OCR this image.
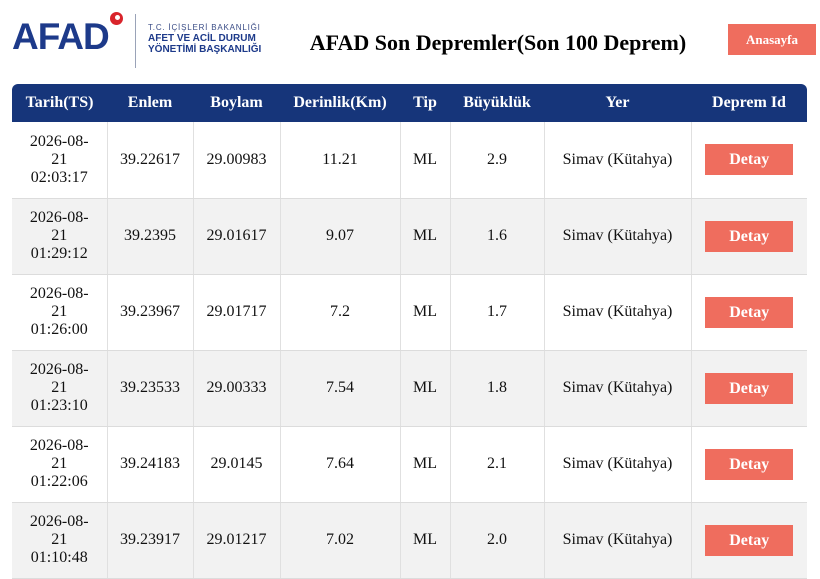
AFAD	T.C. İÇİŞLERİ BAKANLIĞI
AFET VE ACİL DURUM
YÖNETİMİ BAŞKANLIĞI	AFAD Son Depremler(Son 100 Deprem)	Anasayfa
Tarih(TS)	Enlem	Boylam	Derinlik(Km)	Tip	Büyüklük	Yer	Deprem Id

2026-08-
21
02:03:17	39.22617	29.00983	11.21	ML	2.9	Simav (Kütahya)	Detay

2026-08-
21
01:29:12	39.2395	29.01617	9.07	ML	1.6	Simav (Kütahya)	Detay

2026-08-
21
01:26:00	39.23967	29.01717	7.2	ML	1.7	Simav (Kütahya)	Detay

2026-08-
21
01:23:10	39.23533	29.00333	7.54	ML	1.8	Simav (Kütahya)	Detay

2026-08-
21
01:22:06	39.24183	29.0145	7.64	ML	2.1	Simav (Kütahya)	Detay

2026-08-
21
01:10:48	39.23917	29.01217	7.02	ML	2.0	Simav (Kütahya)	Detay
